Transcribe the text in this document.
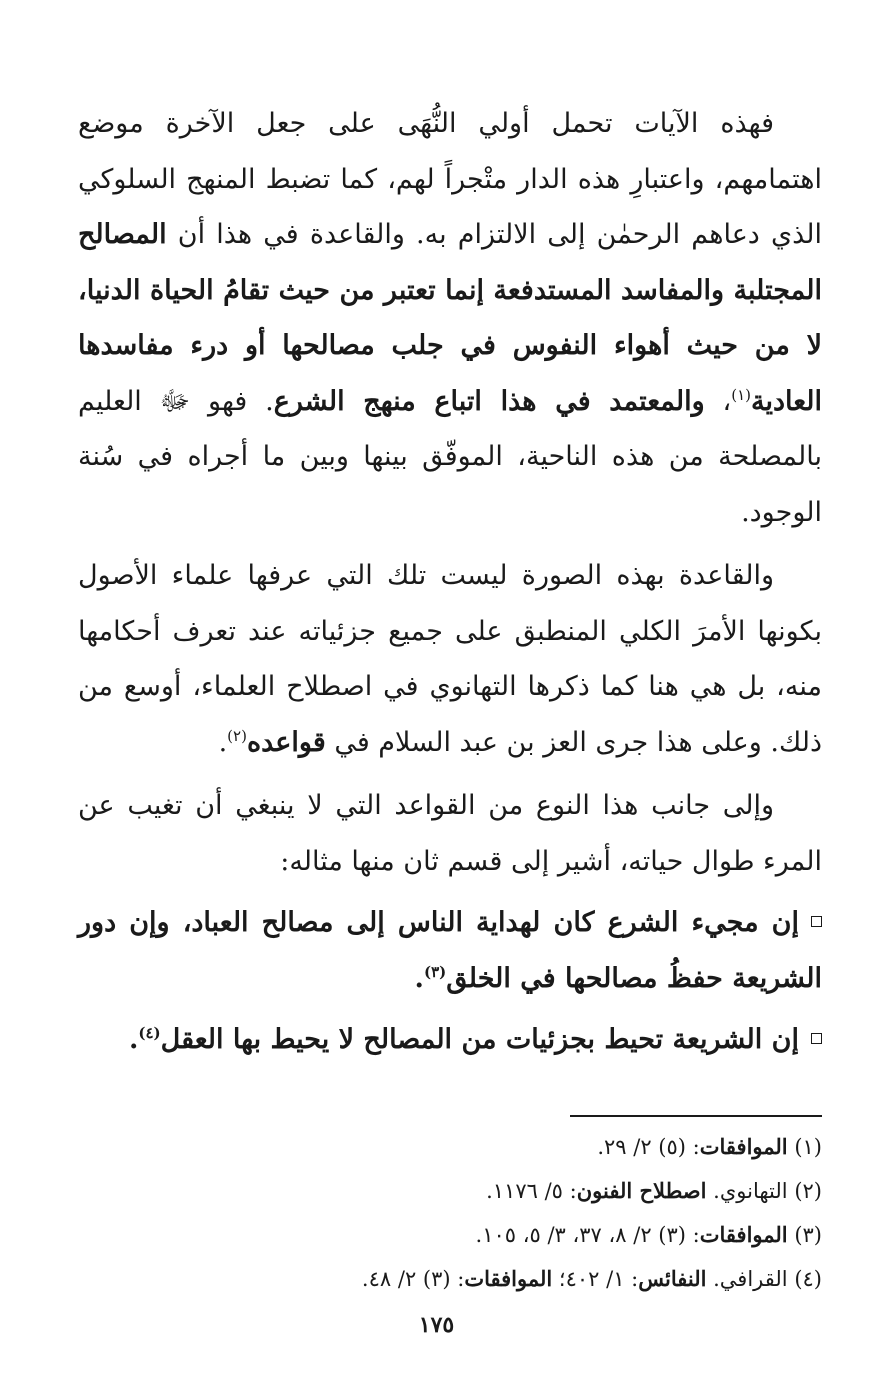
فهذه الآيات تحمل أولي النُّهَى على جعل الآخرة موضع اهتمامهم، واعتبارِ هذه الدار متْجراً لهم، كما تضبط المنهج السلوكي الذي دعاهم الرحمٰن إلى الالتزام به. والقاعدة في هذا أن المصالح المجتلبة والمفاسد المستدفعة إنما تعتبر من حيث تقامُ الحياة الدنيا، لا من حيث أهواء النفوس في جلب مصالحها أو درء مفاسدها العادية$^{(١)}$، والمعتمد في هذا اتباع منهج الشرع. فهو ﷻ العليم بالمصلحة من هذه الناحية، الموفّق بينها وبين ما أجراه في سُنة الوجود.

والقاعدة بهذه الصورة ليست تلك التي عرفها علماء الأصول بكونها الأمرَ الكلي المنطبق على جميع جزئياته عند تعرف أحكامها منه، بل هي هنا كما ذكرها التهانوي في اصطلاح العلماء، أوسع من ذلك. وعلى هذا جرى العز بن عبد السلام في قواعده$^{(٢)}$.

وإلى جانب هذا النوع من القواعد التي لا ينبغي أن تغيب عن المرء طوال حياته، أشير إلى قسم ثان منها مثاله:

إن مجيء الشرع كان لهداية الناس إلى مصالح العباد، وإن دور الشريعة حفظُ مصالحها في الخلق$^{(٣)}$.

إن الشريعة تحيط بجزئيات من المصالح لا يحيط بها العقل$^{(٤)}$.

(١) الموافقات: (٥) ٢/ ٢٩.

(٢) التهانوي. اصطلاح الفنون: ٥/ ١١٧٦.

(٣) الموافقات: (٣) ٢/ ٨، ٣٧، ٣/ ٥، ١٠٥.

(٤) القرافي. النفائس: ١/ ٤٠٢؛ الموافقات: (٣) ٢/ ٤٨.

١٧٥
